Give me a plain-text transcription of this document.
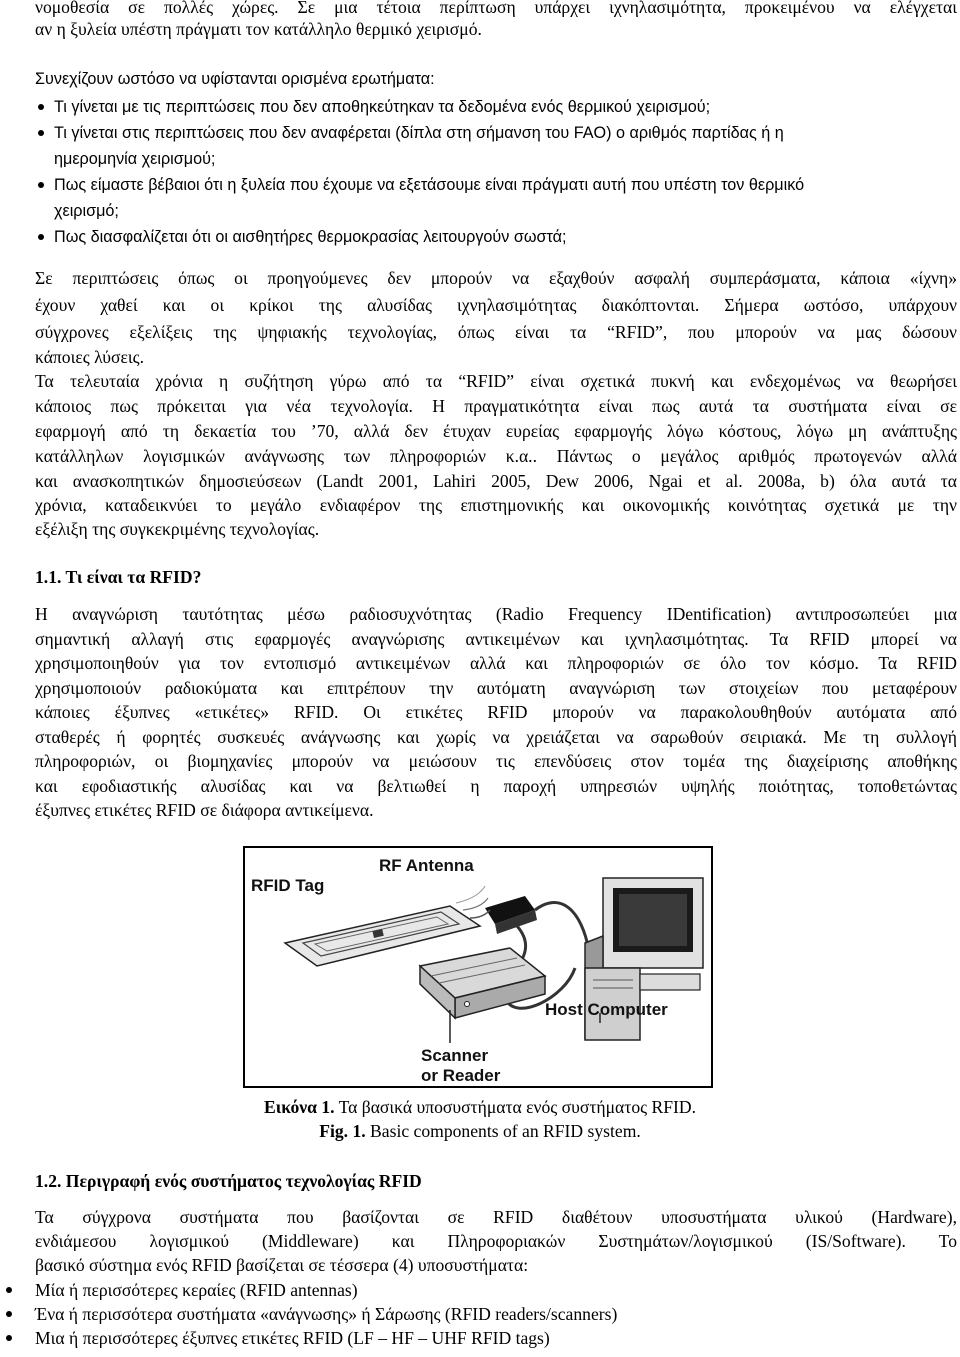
νομοθεσία σε πολλές χώρες. Σε μια τέτοια περίπτωση υπάρχει ιχνηλασιμότητα, προκειμένου να ελέγχεται
αν η ξυλεία υπέστη πράγματι τον κατάλληλο θερμικό χειρισμό.
Συνεχίζουν ωστόσο να υφίστανται ορισμένα ερωτήματα:
Τι γίνεται με τις περιπτώσεις που δεν αποθηκεύτηκαν τα δεδομένα ενός θερμικού χειρισμού;
Τι γίνεται στις περιπτώσεις που δεν αναφέρεται (δίπλα στη σήμανση του FAO) ο αριθμός παρτίδας ή η
ημερομηνία χειρισμού;
Πως είμαστε βέβαιοι ότι η ξυλεία που έχουμε να εξετάσουμε είναι πράγματι αυτή που υπέστη τον θερμικό
χειρισμό;
Πως διασφαλίζεται ότι οι αισθητήρες θερμοκρασίας λειτουργούν σωστά;
Σε περιπτώσεις όπως οι προηγούμενες δεν μπορούν να εξαχθούν ασφαλή συμπεράσματα, κάποια «ίχνη»
έχουν χαθεί και οι κρίκοι της αλυσίδας ιχνηλασιμότητας διακόπτονται. Σήμερα ωστόσο, υπάρχουν
σύγχρονες εξελίξεις της ψηφιακής τεχνολογίας, όπως είναι τα “RFID”, που μπορούν να μας δώσουν
κάποιες λύσεις.
Τα τελευταία χρόνια η συζήτηση γύρω από τα “RFID” είναι σχετικά πυκνή και ενδεχομένως να θεωρήσει
κάποιος πως πρόκειται για νέα τεχνολογία. Η πραγματικότητα είναι πως αυτά τα συστήματα είναι σε
εφαρμογή από τη δεκαετία του ’70, αλλά δεν έτυχαν ευρείας εφαρμογής λόγω κόστους, λόγω μη ανάπτυξης
κατάλληλων λογισμικών ανάγνωσης των πληροφοριών κ.α.. Πάντως ο μεγάλος αριθμός πρωτογενών αλλά
και ανασκοπητικών δημοσιεύσεων (Landt 2001, Lahiri 2005, Dew 2006, Ngai et al. 2008a, b) όλα αυτά τα
χρόνια, καταδεικνύει το μεγάλο ενδιαφέρον της επιστημονικής και οικονομικής κοινότητας σχετικά με την
εξέλιξη της συγκεκριμένης τεχνολογίας.
1.1. Τι είναι τα RFID?
Η αναγνώριση ταυτότητας μέσω ραδιοσυχνότητας (Radio Frequency IDentification) αντιπροσωπεύει μια
σημαντική αλλαγή στις εφαρμογές αναγνώρισης αντικειμένων και ιχνηλασιμότητας. Τα RFID μπορεί να
χρησιμοποιηθούν για τον εντοπισμό αντικειμένων αλλά και πληροφοριών σε όλο τον κόσμο. Τα RFID
χρησιμοποιούν ραδιοκύματα και επιτρέπουν την αυτόματη αναγνώριση των στοιχείων που μεταφέρουν
κάποιες έξυπνες «ετικέτες» RFID. Οι ετικέτες RFID μπορούν να παρακολουθηθούν αυτόματα από
σταθερές ή φορητές συσκευές ανάγνωσης και χωρίς να χρειάζεται να σαρωθούν σειριακά. Με τη συλλογή
πληροφοριών, οι βιομηχανίες μπορούν να μειώσουν τις επενδύσεις στον τομέα της διαχείρισης αποθήκης
και εφοδιαστικής αλυσίδας και να βελτιωθεί η παροχή υπηρεσιών υψηλής ποιότητας, τοποθετώντας
έξυπνες ετικέτες RFID σε διάφορα αντικείμενα.
RFID Tag
RF Antenna
Host Computer
Scanner
or Reader
Εικόνα 1. Τα βασικά υποσυστήματα ενός συστήματος RFID.
Fig. 1. Basic components of an RFID system.
1.2. Περιγραφή ενός συστήματος τεχνολογίας RFID
Τα σύγχρονα συστήματα που βασίζονται σε RFID διαθέτουν υποσυστήματα υλικού (Hardware),
ενδιάμεσου λογισμικού (Middleware) και Πληροφοριακών Συστημάτων/λογισμικού (IS/Software). Το
βασικό σύστημα ενός RFID βασίζεται σε τέσσερα (4) υποσυστήματα:
Μία ή περισσότερες κεραίες (RFID antennas)
Ένα ή περισσότερα συστήματα «ανάγνωσης» ή Σάρωσης (RFID readers/scanners)
Μια ή περισσότερες έξυπνες ετικέτες RFID (LF – HF – UHF RFID tags)
